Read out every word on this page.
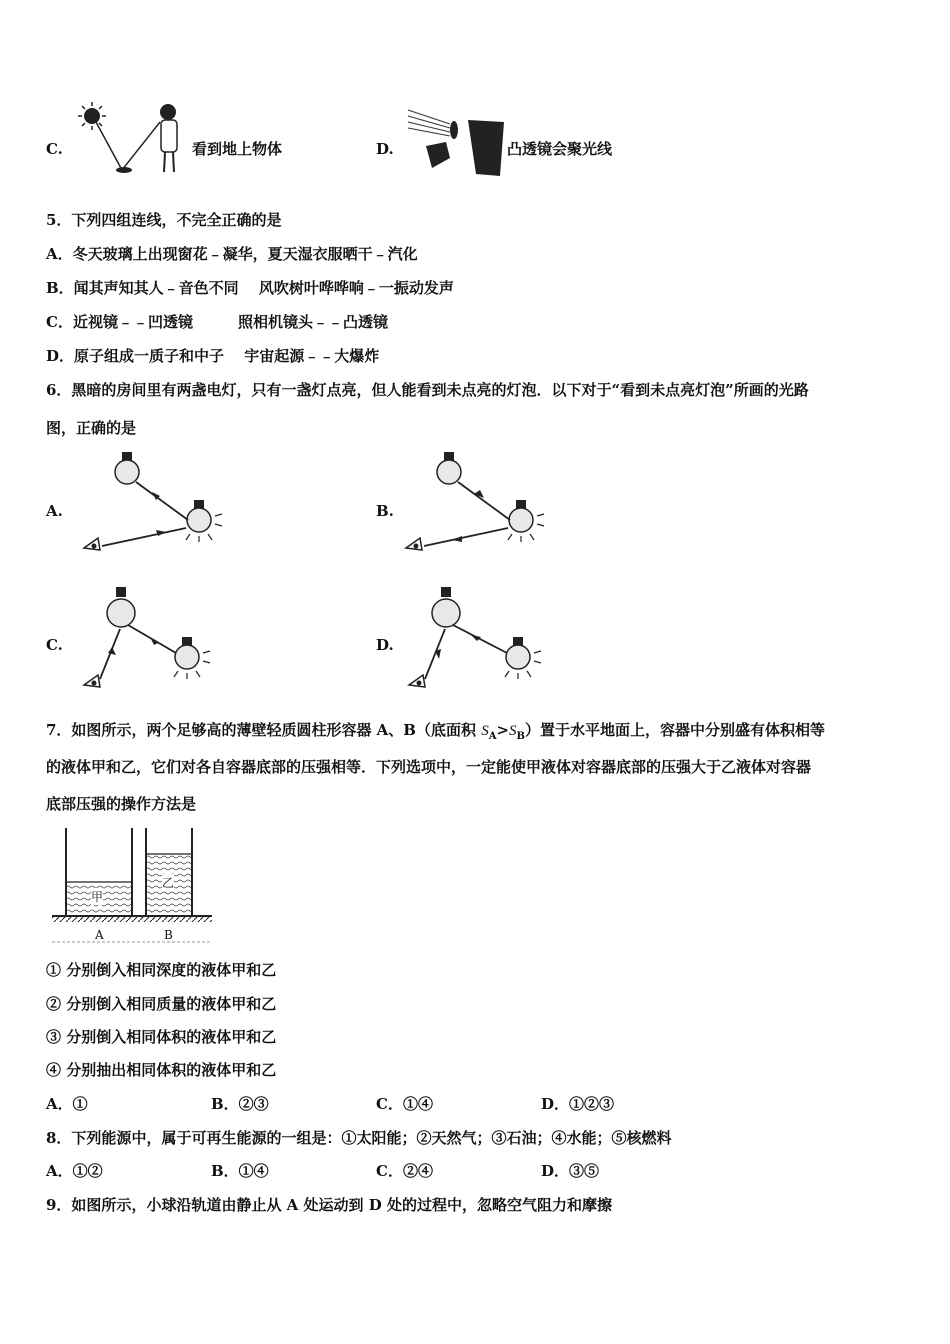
C.	看到地上物体	D.	凸透镜会聚光线
5．下列四组连线，不完全正确的是
A．冬天玻璃上出现窗花﹣凝华，夏天湿衣服晒干﹣汽化
B．闻其声知其人﹣音色不同　 风吹树叶哗哗响﹣一振动发声
C．近视镜﹣﹣凹透镜　　　照相机镜头﹣﹣凸透镜
D．原子组成一质子和中子　 宇宙起源﹣﹣大爆炸
6．黑暗的房间里有两盏电灯，只有一盏灯点亮，但人能看到未点亮的灯泡．以下对于“看到未点亮灯泡”所画的光路
图，正确的是
A.	B.
C.	D.
7．如图所示，两个足够高的薄壁轻质圆柱形容器 A、B（底面积 $S_A>S_B$）置于水平地面上，容器中分别盛有体积相等
的液体甲和乙，它们对各自容器底部的压强相等．下列选项中，一定能使甲液体对容器底部的压强大于乙液体对容器
底部压强的操作方法是
甲
乙
A	B
① 分别倒入相同深度的液体甲和乙
② 分别倒入相同质量的液体甲和乙
③ 分别倒入相同体积的液体甲和乙
④ 分别抽出相同体积的液体甲和乙
A．①	B．②③	C．①④	D．①②③
8．下列能源中，属于可再生能源的一组是：①太阳能；②天然气；③石油；④水能；⑤核燃料
A．①②	B．①④	C．②④	D．③⑤
9．如图所示，小球沿轨道由静止从 A 处运动到 D 处的过程中，忽略空气阻力和摩擦
